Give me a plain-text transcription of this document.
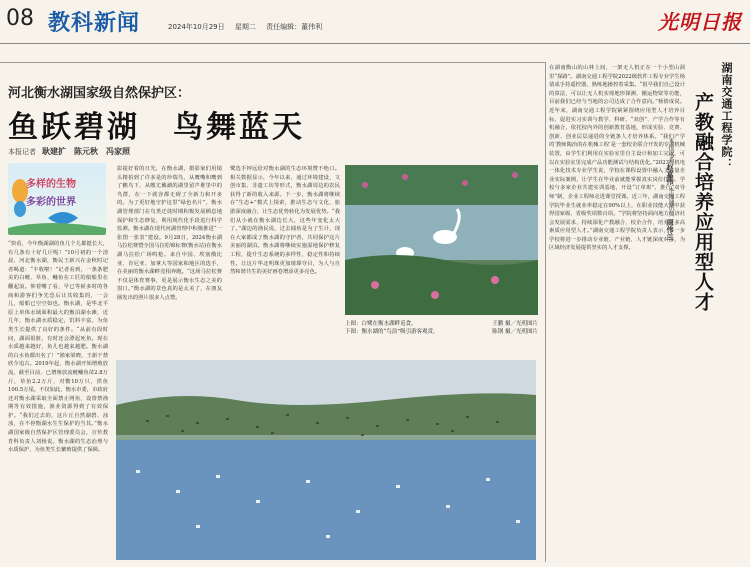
08 教科新闻	2024年10月29日 星期二 责任编辑：董伟利	光明日报
河北衡水湖国家级自然保护区：
鱼跃碧湖　鸟舞蓝天
本报记者 耿建扩　陈元秋　冯家照
多样的生物
多彩的世界
“快看，今年衡湖湖的鱼儿个儿都挺长大，有几条有十好几斤呢！”10月初的一个清晨，河北衡水湖，衡民王新兴在金秋时记者喝道：“丰收啦！”记者看到，一条条肥美的白鲢、草鱼、鳙鱼在工匠的船船里在翻起浪。仰着嘴了看，早已等候多时的各商和游客们争先恐后让其收集的，一会儿，船船已空空如也。衡水湖，是华北平原上单体水域面积最大的衡泊湖水滩，近几年，衡水湖水质稳定，饥料丰富，为鱼类生长提供了良好的条件。“从前有段时间，湖面很脏，有时还会漂起死鱼。现在水质越来越好，鱼儿也越来越肥。衡水湖的白水鱼都出名了！”渔家梁晓，王新干禁欣令追古。2019年起，衡水湖开始增殖放流，截至目前，已增殖放流鲢鳙鱼苗2.8万斤，草鱼2.2万斤，对鳖10万只，拱鱼100.5万尾。不仅如此，衡水市委，市政府还对衡水湖采取全面禁止网鱼，设置禁渔期等有效措施，渔业资源得到了有效保护。“我们过去的，这片丘自然湖碧、浊浊，在不停衡湖水生生保护的当其。”衡水湖国家级自然保护区管理委员会，宣传教育科负责人刘杨说。衡水湖的生态治理与水质保护，为鱼类生长繁殖提供了保障。
影提好着的日光，在衡水湖，摄影家们用镜头精拍到了许多是的珍瑞鸟，从鹰嘴和鹰到了鹳鸟下，从嗷尤戴鹬的湖里留声堆里中的鸟群，在一下就容都无碍了全新力和开多的。为了更好地守护这里“绿色名片”，衡水湖管理部门在鸟类迁徙时期积极发展栖息地保护和生态修复，利用现代化手段进行科学监测。衡水湖在现代河湖管理中积极推进“一张图一张表”建设。9月28日，2024衡水湖马拉松赛暨全国马拉松锦标赛(衡水站)在衡水湖马拉松广场鸣枪。来自中国、埃塞俄比亚、肯尼亚、加拿大等国家和地区的选手，在美丽的衡水湖畔竞相奔跑。“这场马拉松赛不仅是体育赛事，更是展示衡水生态之美的窗口。”衡水湖的景色真的是太美了，在朋友圈发出的照片很多人点赞。
鹭选手钟远给对衡水湖的生态环境赞不绝口。相关数据显示，今年以来，通过环境建设，文创市集、非遗工坊等形式，衡水湖周边的农民获得了新的收入来源。下一步，衡水湖将继续在“生态+”模式上探索，推动生态与文化、旅游深度融合，让生态优势转化为发展优势。“我们从小就在衡水湖边长大，这些年变化太大了。”湖边的渔民说，过去捕鱼是为了生计，现在大家都成了衡水湖的守护者，共同保护这片美丽的湖泊。衡水湖将继续实施湿地保护修复工程，提升生态系统的多样性、稳定性和持续性。让这片华北明珠更加璀璨夺目，为人与自然和谐共生的美好画卷增添更多亮色。
上图：白鹭在衡水湖畔觅食。	王鹏 摄／光明图片
下图：衡水湖的“鸟浪”吸引游客观赏。	陈钢 摄／光明图片
在湖南衡山的山林上间，一架无人机正在一个小型山洞里“探路”。湖南交通工程学院2022级软件工程专业学生杨倩成手持遥控器，熟练地操控着采集。“很早我们自己设计的算法，可以让无人机实现地形探测、搬运物资等功能，目前我们已经与当地的公司达成了合作意向。”杨倩成说。近年来，湖南交通工程学院紧紧围绕应用型人才培养目标，促进实习实训与教学、科研、“双创”、产学合作等有机融合，依托校内外的创新教育基地，形成实验、竞赛、创新、创业层层递进的全链条人才培养体系。“我们产学的‘教师陶冶的在机械工程’是一套校企联合开发的专业机械装置，由学生们利用在实验室里自主设计和加工完成，可以在实验室里完成产品功能测试与结构优化。”2023级机电一体化技术专业学生说，学校在课程设置中融入了大量企业实际案例，让学生在毕业前就能掌握真实岗位技能。学校与多家企业共建实训基地，开设“订单班”，推行“双导师”制，企业工程师走进课堂授课。近三年，湖南交通工程学院毕业生就业率稳定在90%以上，在职业技能大赛中获得国家级、省级奖项数百项。“学院将坚持面向地方经济社会发展需求，持续深化产教融合、校企合作，培养更多高素质应用型人才。”湖南交通工程学院负责人表示，下一步学校将进一步推动专业链、产业链、人才链深度对接，为区域经济发展提供坚实的人才支撑。
湖南交通工程学院：
产教融合培养应用型人才
本报记者 赵嘉伟 本报通讯员 周伟兰
